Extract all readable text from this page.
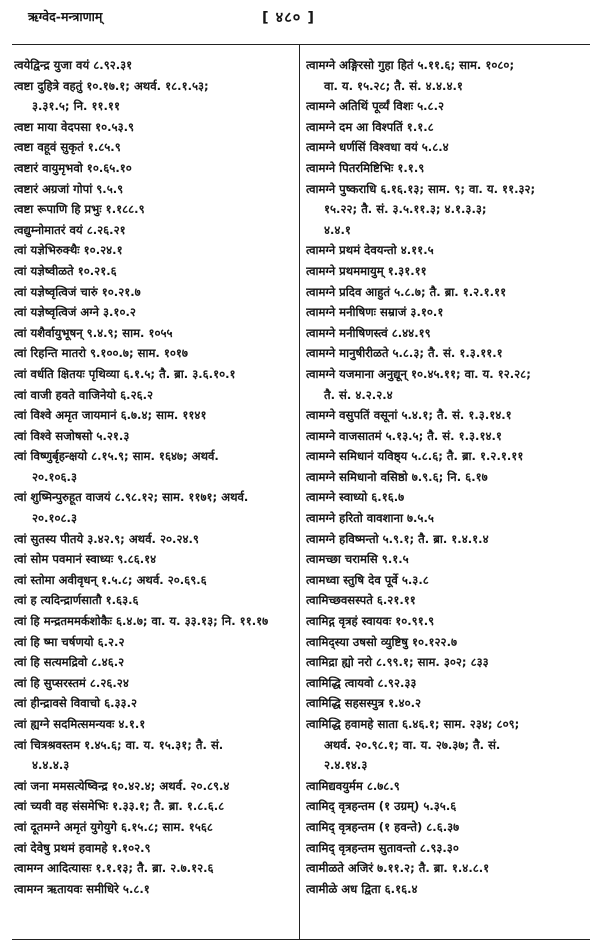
ऋग्वेद-मन्त्राणाम्	[ ४८० ]
त्वयेद्विन्द्र युजा वयं ८.९२.३१
त्वष्टा दुहित्रे वहतुं १०.१७.१; अथर्व. १८.१.५३;
३.३१.५; नि. ११.११
त्वष्टा माया वेदपसा १०.५३.९
त्वष्टा वहूवं सुकृतं १.८५.९
त्वष्टारं वायुमृभवो १०.६५.१०
त्वष्टारं अग्रजां गोपां ९.५.९
त्वष्टा रूपाणि हि प्रभुः १.१८८.९
त्वद्युम्नोमातरं वयं ८.२६.२१
त्वां यज्ञेभिरुक्थैः १०.२४.१
त्वां यज्ञेष्वीळते १०.२१.६
त्वां यज्ञेष्वृत्विजं चारुं १०.२१.७
त्वां यज्ञेष्वृत्विजं अग्ने ३.१०.२
त्वां यशैर्वायुभूषन् ९.४.९; साम. १०५५
त्वां रिहन्ति मातरो ९.१००.७; साम. १०१७
त्वां वर्धति क्षितयः पृथिव्या ६.१.५; तै. ब्रा. ३.६.१०.१
त्वां वाजी हवते वाजिनेयो ६.२६.२
त्वां विश्वे अमृत जायमानं ६.७.४; साम. ११४१
त्वां विश्वे सजोषसो ५.२१.३
त्वां विष्णुर्बृहन्क्षयो ८.१५.९; साम. १६४७; अथर्व.
२०.१०६.३
त्वां शुष्मिन्पुरुहूत वाजयं ८.९८.१२; साम. ११७१; अथर्व.
२०.१०८.३
त्वां सुतस्य पीतये ३.४२.९; अथर्व. २०.२४.९
त्वां सोम पवमानं स्वाध्यः ९.८६.१४
त्वां स्तोमा अवीवृधन् १.५.८; अथर्व. २०.६९.६
त्वां ह त्यदिन्द्रार्णसातौ १.६३.६
त्वां हि मन्द्रतममर्कशोकैः ६.४.७; वा. य. ३३.१३; नि. ११.१७
त्वां हि ष्मा चर्षणयो ६.२.२
त्वां हि सत्यमद्रिवो ८.४६.२
त्वां हि सुप्सरस्तमं ८.२६.२४
त्वां हीन्द्रावसे विवाचो ६.३३.२
त्वां ह्यग्ने सदमित्समन्यवः ४.१.१
त्वां चित्रश्रवस्तम १.४५.६; वा. य. १५.३१; तै. सं.
४.४.४.३
त्वां जना ममसत्येष्विन्द्र १०.४२.४; अथर्व. २०.८९.४
त्वां च्यवी वह संसमेभिः १.३३.१; तै. ब्रा. १.८.६.८
त्वां दूतमग्ने अमृतं युगेयुगे ६.१५.८; साम. १५६८
त्वां देवेषु प्रथमं हवामहे १.१०२.९
त्वामग्न आदित्यासः १.१.१३; तै. ब्रा. २.७.१२.६
त्वामग्न ऋतायवः समीधिरे ५.८.१
त्वामग्ने अङ्गिरसो गुहा हितं ५.११.६; साम. १०८०;
वा. य. १५.२८; तै. सं. ४.४.४.१
त्वामग्ने अतिथिं पूर्व्यं विशः ५.८.२
त्वामग्ने दम आ विश्पतिं १.१.८
त्वामग्ने धर्णसिं विश्वधा वयं ५.८.४
त्वामग्ने पितरमिष्टिभिः १.१.९
त्वामग्ने पुष्कराधि ६.१६.१३; साम. ९; वा. य. ११.३२;
१५.२२; तै. सं. ३.५.११.३; ४.१.३.३;
४.४.१
त्वामग्ने प्रथमं देवयन्तो ४.११.५
त्वामग्ने प्रथममायुम् १.३१.११
त्वामग्ने प्रदिव आहुतं ५.८.७; तै. ब्रा. १.२.१.११
त्वामग्ने मनीषिणः सम्राजं ३.१०.१
त्वामग्ने मनीषिणस्त्वं ८.४४.१९
त्वामग्ने मानुषीरीळते ५.८.३; तै. सं. १.३.११.१
त्वामग्ने यजमाना अनुद्यून् १०.४५.११; वा. य. १२.२८;
तै. सं. ४.२.२.४
त्वामग्ने वसुपतिं वसूनां ५.४.१; तै. सं. १.३.१४.१
त्वामग्ने वाजसातमं ५.१३.५; तै. सं. १.३.१४.१
त्वामग्ने समिधानं यविष्ठ्य ५.८.६; तै. ब्रा. १.२.१.११
त्वामग्ने समिधानो वसिष्ठो ७.९.६; नि. ६.१७
त्वामग्ने स्वाध्यो ६.१६.७
त्वामग्ने हरितो वावशाना ७.५.५
त्वामग्ने हविष्मन्तो ५.९.१; तै. ब्रा. १.४.१.४
त्वामच्छा चरामसि ९.१.५
त्वामध्वा स्तुषि देव पूर्वे ५.३.८
त्वामिच्छवसस्पते ६.२१.११
त्वामिद्ग वृत्रहं स्वायवः १०.९१.९
त्वामिद्स्या उषसो व्युष्टिषु १०.१२२.७
त्वामिद्रा ह्यो नरो ८.९९.१; साम. ३०२; ८३३
त्वामिद्धि त्वायवो ८.९२.३३
त्वामिद्धि सहसस्पुत्र १.४०.२
त्वामिद्धि हवामहे साता ६.४६.१; साम. २३४; ८०९;
अथर्व. २०.९८.१; वा. य. २७.३७; तै. सं.
२.४.१४.३
त्वामिद्यवयुर्मम ८.७८.९
त्वामिद् वृत्रहन्तम (१ उग्रम्) ५.३५.६
त्वामिद् वृत्रहन्तम (१ हवन्ते) ८.६.३७
त्वामिद् वृत्रहन्तम सुतावन्तो ८.९३.३०
त्वामीळते अजिरं ७.११.२; तै. ब्रा. १.४.८.१
त्वामीळे अध द्विता ६.१६.४
